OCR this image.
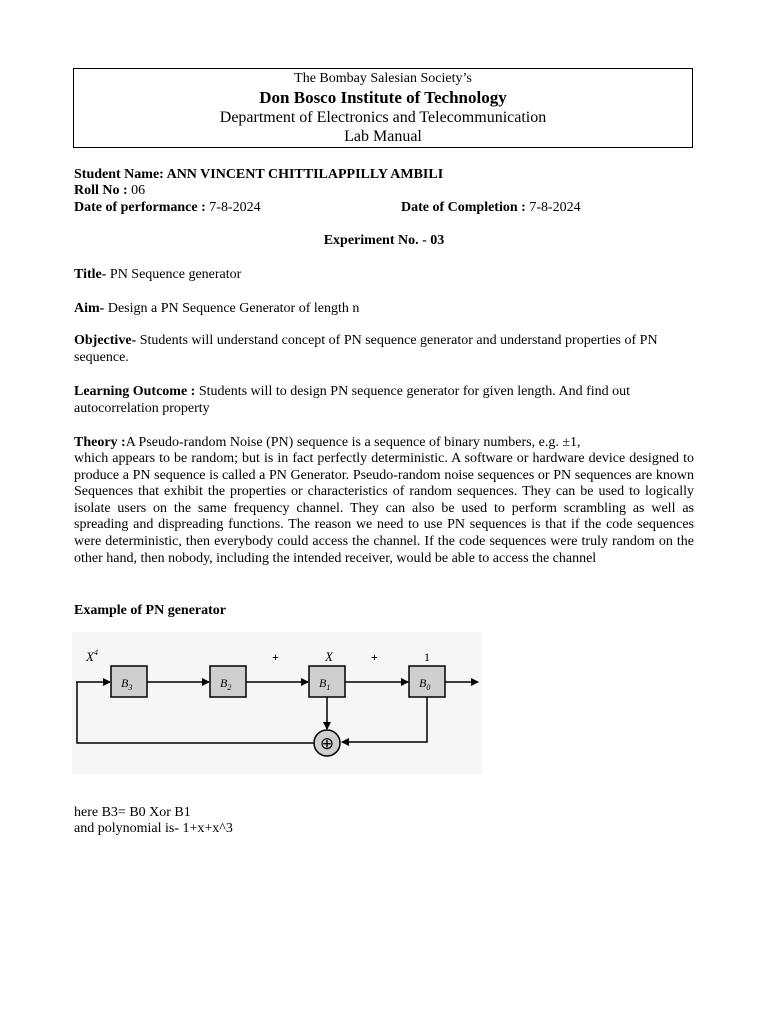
The Bombay Salesian Society’s
Don Bosco Institute of Technology
Department of Electronics and Telecommunication
Lab Manual
Student Name: ANN VINCENT CHITTILAPPILLY AMBILI
Roll No : 06
Date of performance : 7-8-2024	Date of Completion : 7-8-2024
Experiment No. - 03
Title- PN Sequence generator
Aim- Design a PN Sequence Generator of length n
Objective- Students will understand concept of PN sequence generator and understand properties of PN sequence.
Learning Outcome : Students will to design PN sequence generator for given length. And find out autocorrelation property
Theory :A Pseudo-random Noise (PN) sequence is a sequence of binary numbers, e.g. ±1,
which appears to be random; but is in fact perfectly deterministic. A software or hardware device designed to produce a PN sequence is called a PN Generator. Pseudo-random noise sequences or PN sequences are known Sequences that exhibit the properties or characteristics of random sequences. They can be used to logically isolate users on the same frequency channel. They can also be used to perform scrambling as well as spreading and dispreading functions. The reason we need to use PN sequences is that if the code sequences were deterministic, then everybody could access the channel. If the code sequences were truly random on the other hand, then nobody, including the intended receiver, would be able to access the channel
Example of PN generator
$X^4$	+	X	+	1
$B_3$	$B_2$	$B_1$	$B_0$
⊕
here B3= B0 Xor B1
and polynomial is- 1+x+x^3
